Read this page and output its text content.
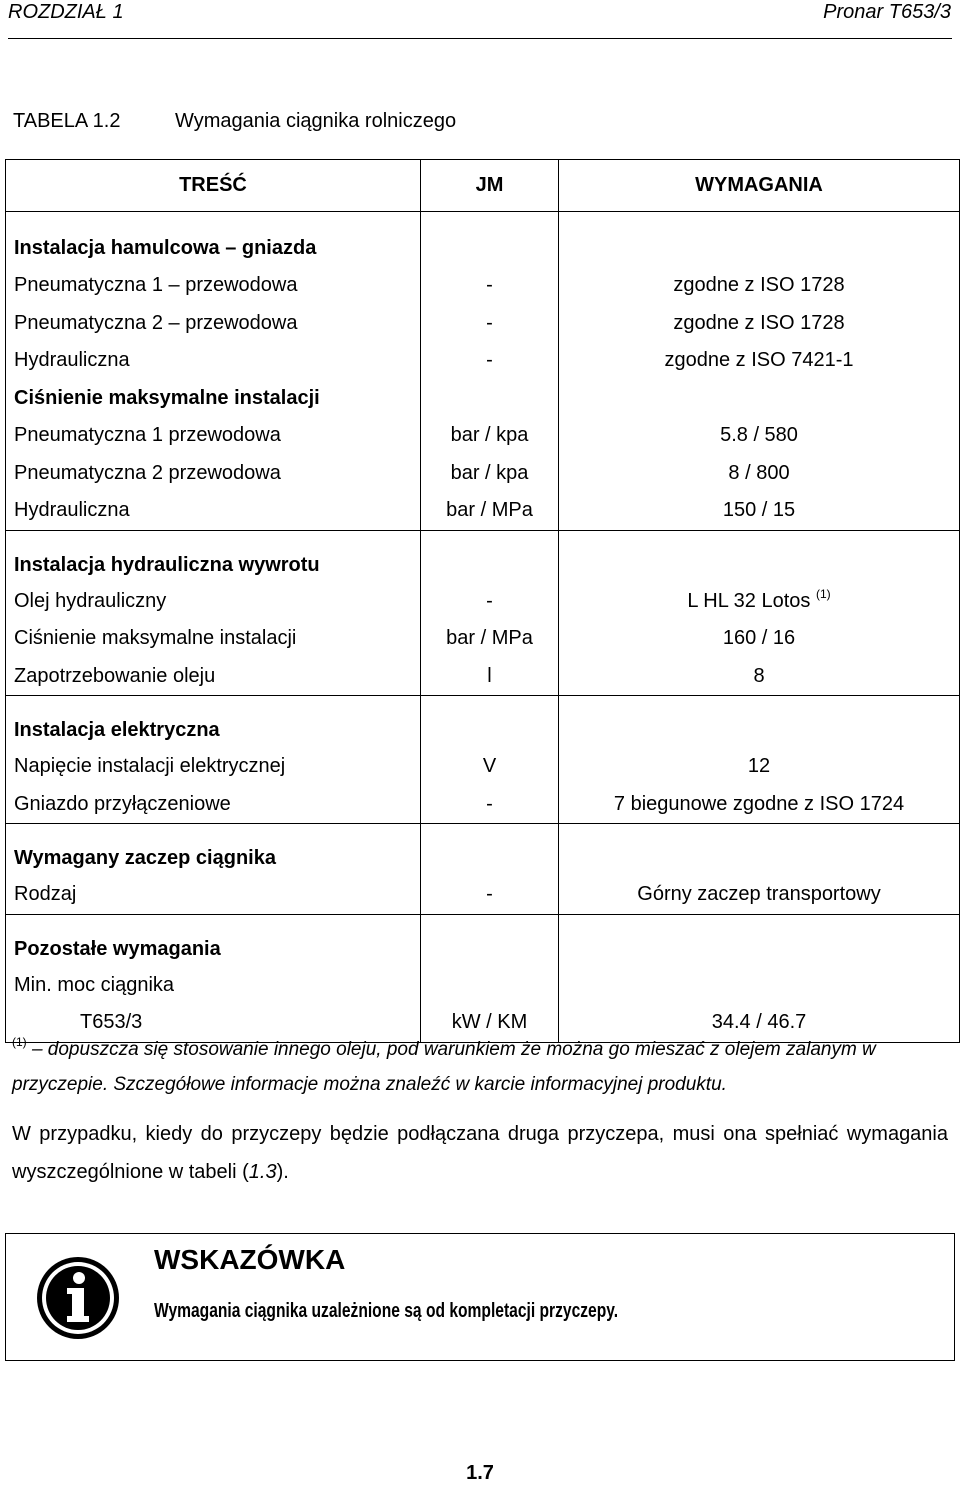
ROZDZIAŁ 1	Pronar T653/3
TABELA 1.2	Wymagania ciągnika rolniczego
TREŚĆ	JM	WYMAGANIA
Instalacja hamulcowa – gniazda		
Pneumatyczna 1 – przewodowa	-	zgodne z ISO 1728
Pneumatyczna 2 – przewodowa	-	zgodne z ISO 1728
Hydrauliczna	-	zgodne z ISO 7421-1
Ciśnienie maksymalne instalacji		
Pneumatyczna 1 przewodowa	bar / kpa	5.8 / 580
Pneumatyczna 2 przewodowa	bar / kpa	8 / 800
Hydrauliczna	bar / MPa	150 / 15
Instalacja hydrauliczna wywrotu		
Olej hydrauliczny	-	L HL 32 Lotos $^{(1)}$
Ciśnienie maksymalne instalacji	bar / MPa	160 / 16
Zapotrzebowanie oleju	l	8
Instalacja elektryczna		
Napięcie instalacji elektrycznej	V	12
Gniazdo przyłączeniowe	-	7 biegunowe zgodne z ISO 1724
Wymagany zaczep ciągnika		
Rodzaj	-	Górny zaczep transportowy
Pozostałe wymagania		
Min. moc ciągnika		
T653/3	kW / KM	34.4 / 46.7
$^{(1)}$ – dopuszcza się stosowanie innego oleju, pod warunkiem że można go mieszać z olejem zalanym w przyczepie. Szczegółowe informacje można znaleźć w karcie informacyjnej produktu.
W przypadku, kiedy do przyczepy będzie podłączana druga przyczepa, musi ona spełniać wymagania wyszczególnione w tabeli (1.3).
WSKAZÓWKA
Wymagania ciągnika uzależnione są od kompletacji przyczepy.
1.7
